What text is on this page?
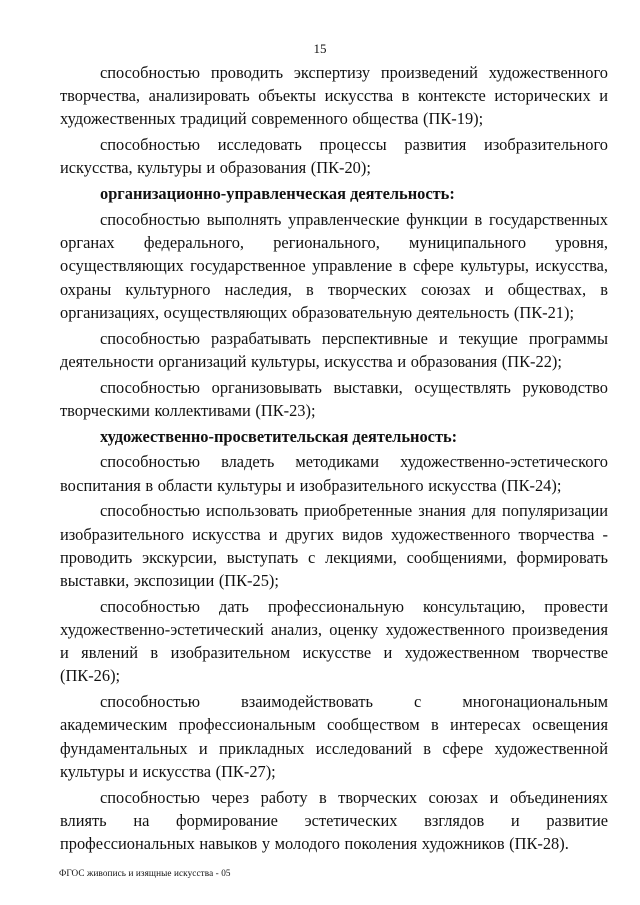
15

способностью проводить экспертизу произведений художественного творчества, анализировать объекты искусства в контексте исторических и художественных традиций современного общества (ПК-19);

способностью исследовать процессы развития изобразительного искусства, культуры и образования (ПК-20);

организационно-управленческая деятельность:

способностью выполнять управленческие функции в государственных органах федерального, регионального, муниципального уровня, осуществляющих государственное управление в сфере культуры, искусства, охраны культурного наследия, в творческих союзах и обществах, в организациях, осуществляющих образовательную деятельность (ПК-21);

способностью разрабатывать перспективные и текущие программы деятельности организаций культуры, искусства и образования (ПК-22);

способностью организовывать выставки, осуществлять руководство творческими коллективами (ПК-23);

художественно-просветительская деятельность:

способностью владеть методиками художественно-эстетического воспитания в области культуры и изобразительного искусства (ПК-24);

способностью использовать приобретенные знания для популяризации изобразительного искусства и других видов художественного творчества - проводить экскурсии, выступать с лекциями, сообщениями, формировать выставки, экспозиции (ПК-25);

способностью дать профессиональную консультацию, провести художественно-эстетический анализ, оценку художественного произведения и явлений в изобразительном искусстве и художественном творчестве (ПК-26);

способностью взаимодействовать с многонациональным академическим профессиональным сообществом в интересах освещения фундаментальных и прикладных исследований в сфере художественной культуры и искусства (ПК-27);

способностью через работу в творческих союзах и объединениях влиять на формирование эстетических взглядов и развитие профессиональных навыков у молодого поколения художников (ПК-28).

ФГОС живопись и изящные искусства - 05
